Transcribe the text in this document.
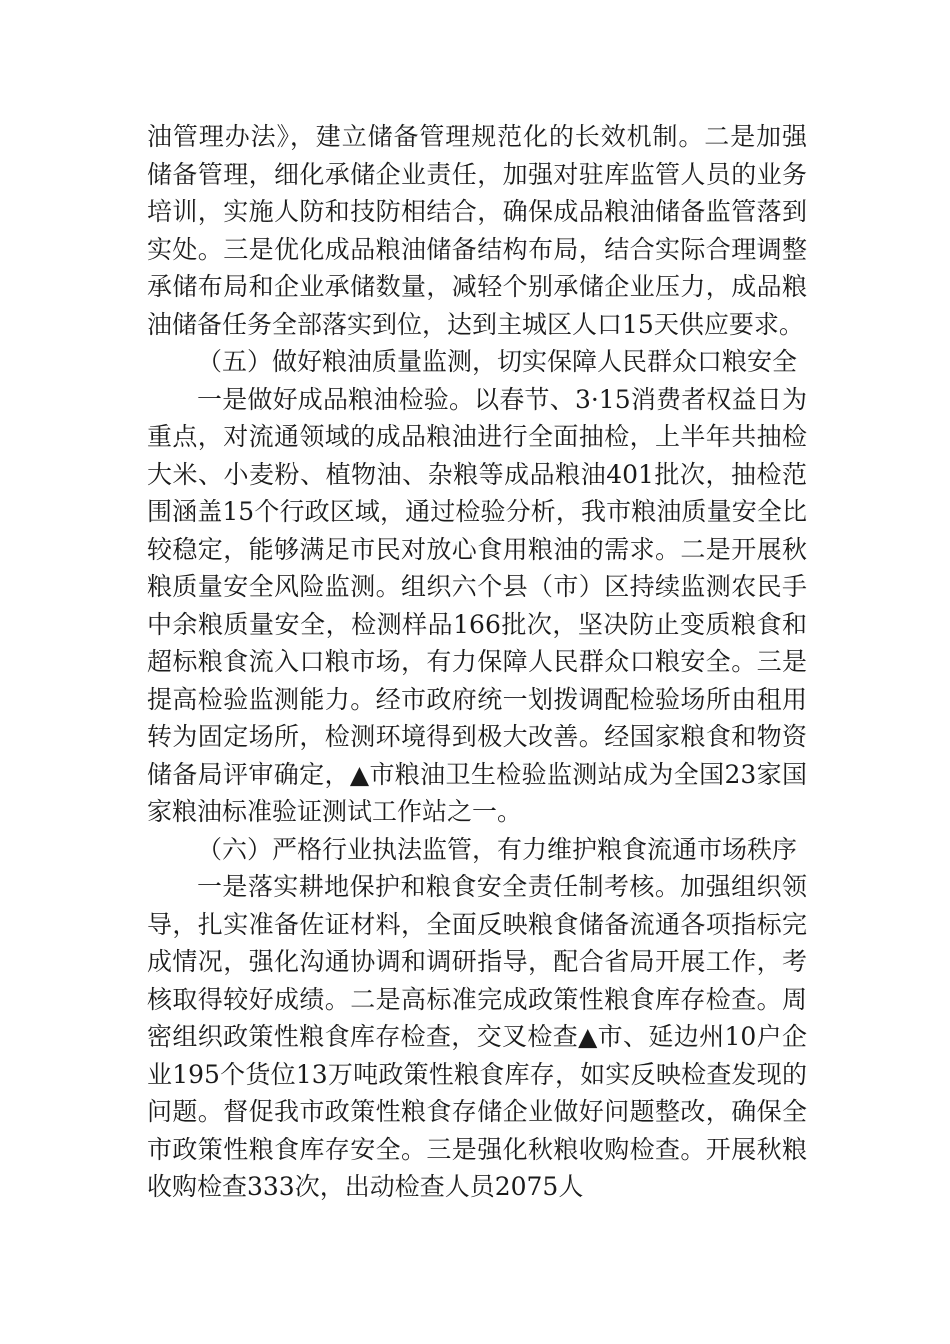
油管理办法》，建立储备管理规范化的长效机制。二是加强储备管理，细化承储企业责任，加强对驻库监管人员的业务培训，实施人防和技防相结合，确保成品粮油储备监管落到实处。三是优化成品粮油储备结构布局，结合实际合理调整承储布局和企业承储数量，减轻个别承储企业压力，成品粮油储备任务全部落实到位，达到主城区人口15天供应要求。

（五）做好粮油质量监测，切实保障人民群众口粮安全

一是做好成品粮油检验。以春节、3·15消费者权益日为重点，对流通领域的成品粮油进行全面抽检，上半年共抽检大米、小麦粉、植物油、杂粮等成品粮油401批次，抽检范围涵盖15个行政区域，通过检验分析，我市粮油质量安全比较稳定，能够满足市民对放心食用粮油的需求。二是开展秋粮质量安全风险监测。组织六个县（市）区持续监测农民手中余粮质量安全，检测样品166批次，坚决防止变质粮食和超标粮食流入口粮市场，有力保障人民群众口粮安全。三是提高检验监测能力。经市政府统一划拨调配检验场所由租用转为固定场所，检测环境得到极大改善。经国家粮食和物资储备局评审确定，▲市粮油卫生检验监测站成为全国23家国家粮油标准验证测试工作站之一。

（六）严格行业执法监管，有力维护粮食流通市场秩序

一是落实耕地保护和粮食安全责任制考核。加强组织领导，扎实准备佐证材料，全面反映粮食储备流通各项指标完成情况，强化沟通协调和调研指导，配合省局开展工作，考核取得较好成绩。二是高标准完成政策性粮食库存检查。周密组织政策性粮食库存检查，交叉检查▲市、延边州10户企业195个货位13万吨政策性粮食库存，如实反映检查发现的问题。督促我市政策性粮食存储企业做好问题整改，确保全市政策性粮食库存安全。三是强化秋粮收购检查。开展秋粮收购检查333次，出动检查人员2075人
